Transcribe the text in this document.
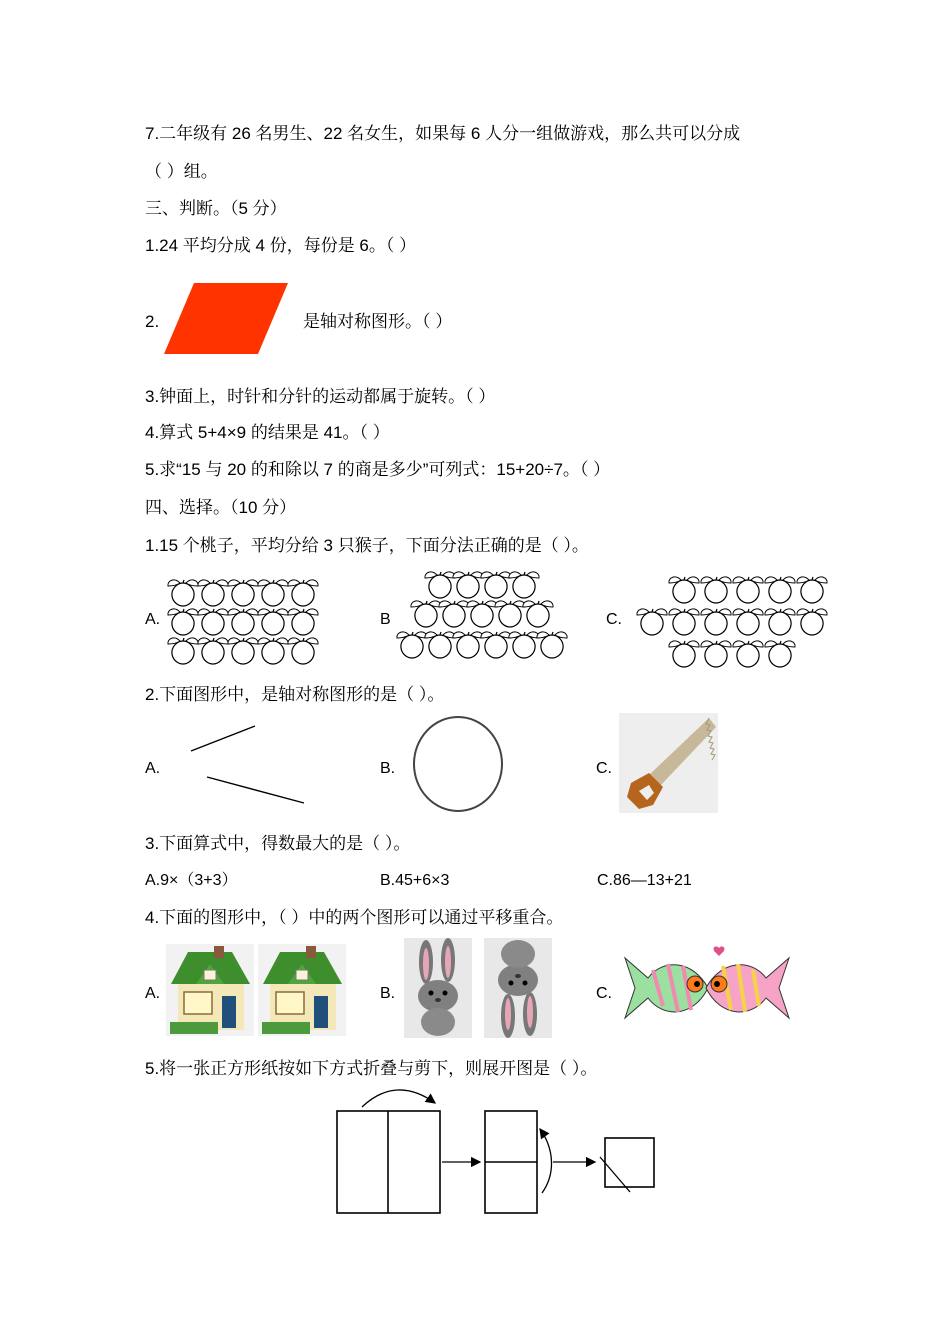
7.二年级有 26 名男生、22 名女生，如果每 6 人分一组做游戏，那么共可以分成
（ ）组。
三、判断。（5 分）
1.24 平均分成 4 份，每份是 6。（ ）
2.	是轴对称图形。（ ）
3.钟面上，时针和分针的运动都属于旋转。（ ）
4.算式 5+4×9 的结果是 41。（ ）
5.求“15 与 20 的和除以 7 的商是多少”可列式：15+20÷7。（ ）
四、选择。（10 分）
1.15 个桃子，平均分给 3 只猴子，下面分法正确的是（ ）。
A.	B	C.
2.下面图形中，是轴对称图形的是（ ）。
A.	B.	C.
3.下面算式中，得数最大的是（ ）。
A.9×（3+3）	B.45+6×3	C.86—13+21
4.下面的图形中，（ ）中的两个图形可以通过平移重合。
A.	B.	C.
5.将一张正方形纸按如下方式折叠与剪下，则展开图是（ ）。
